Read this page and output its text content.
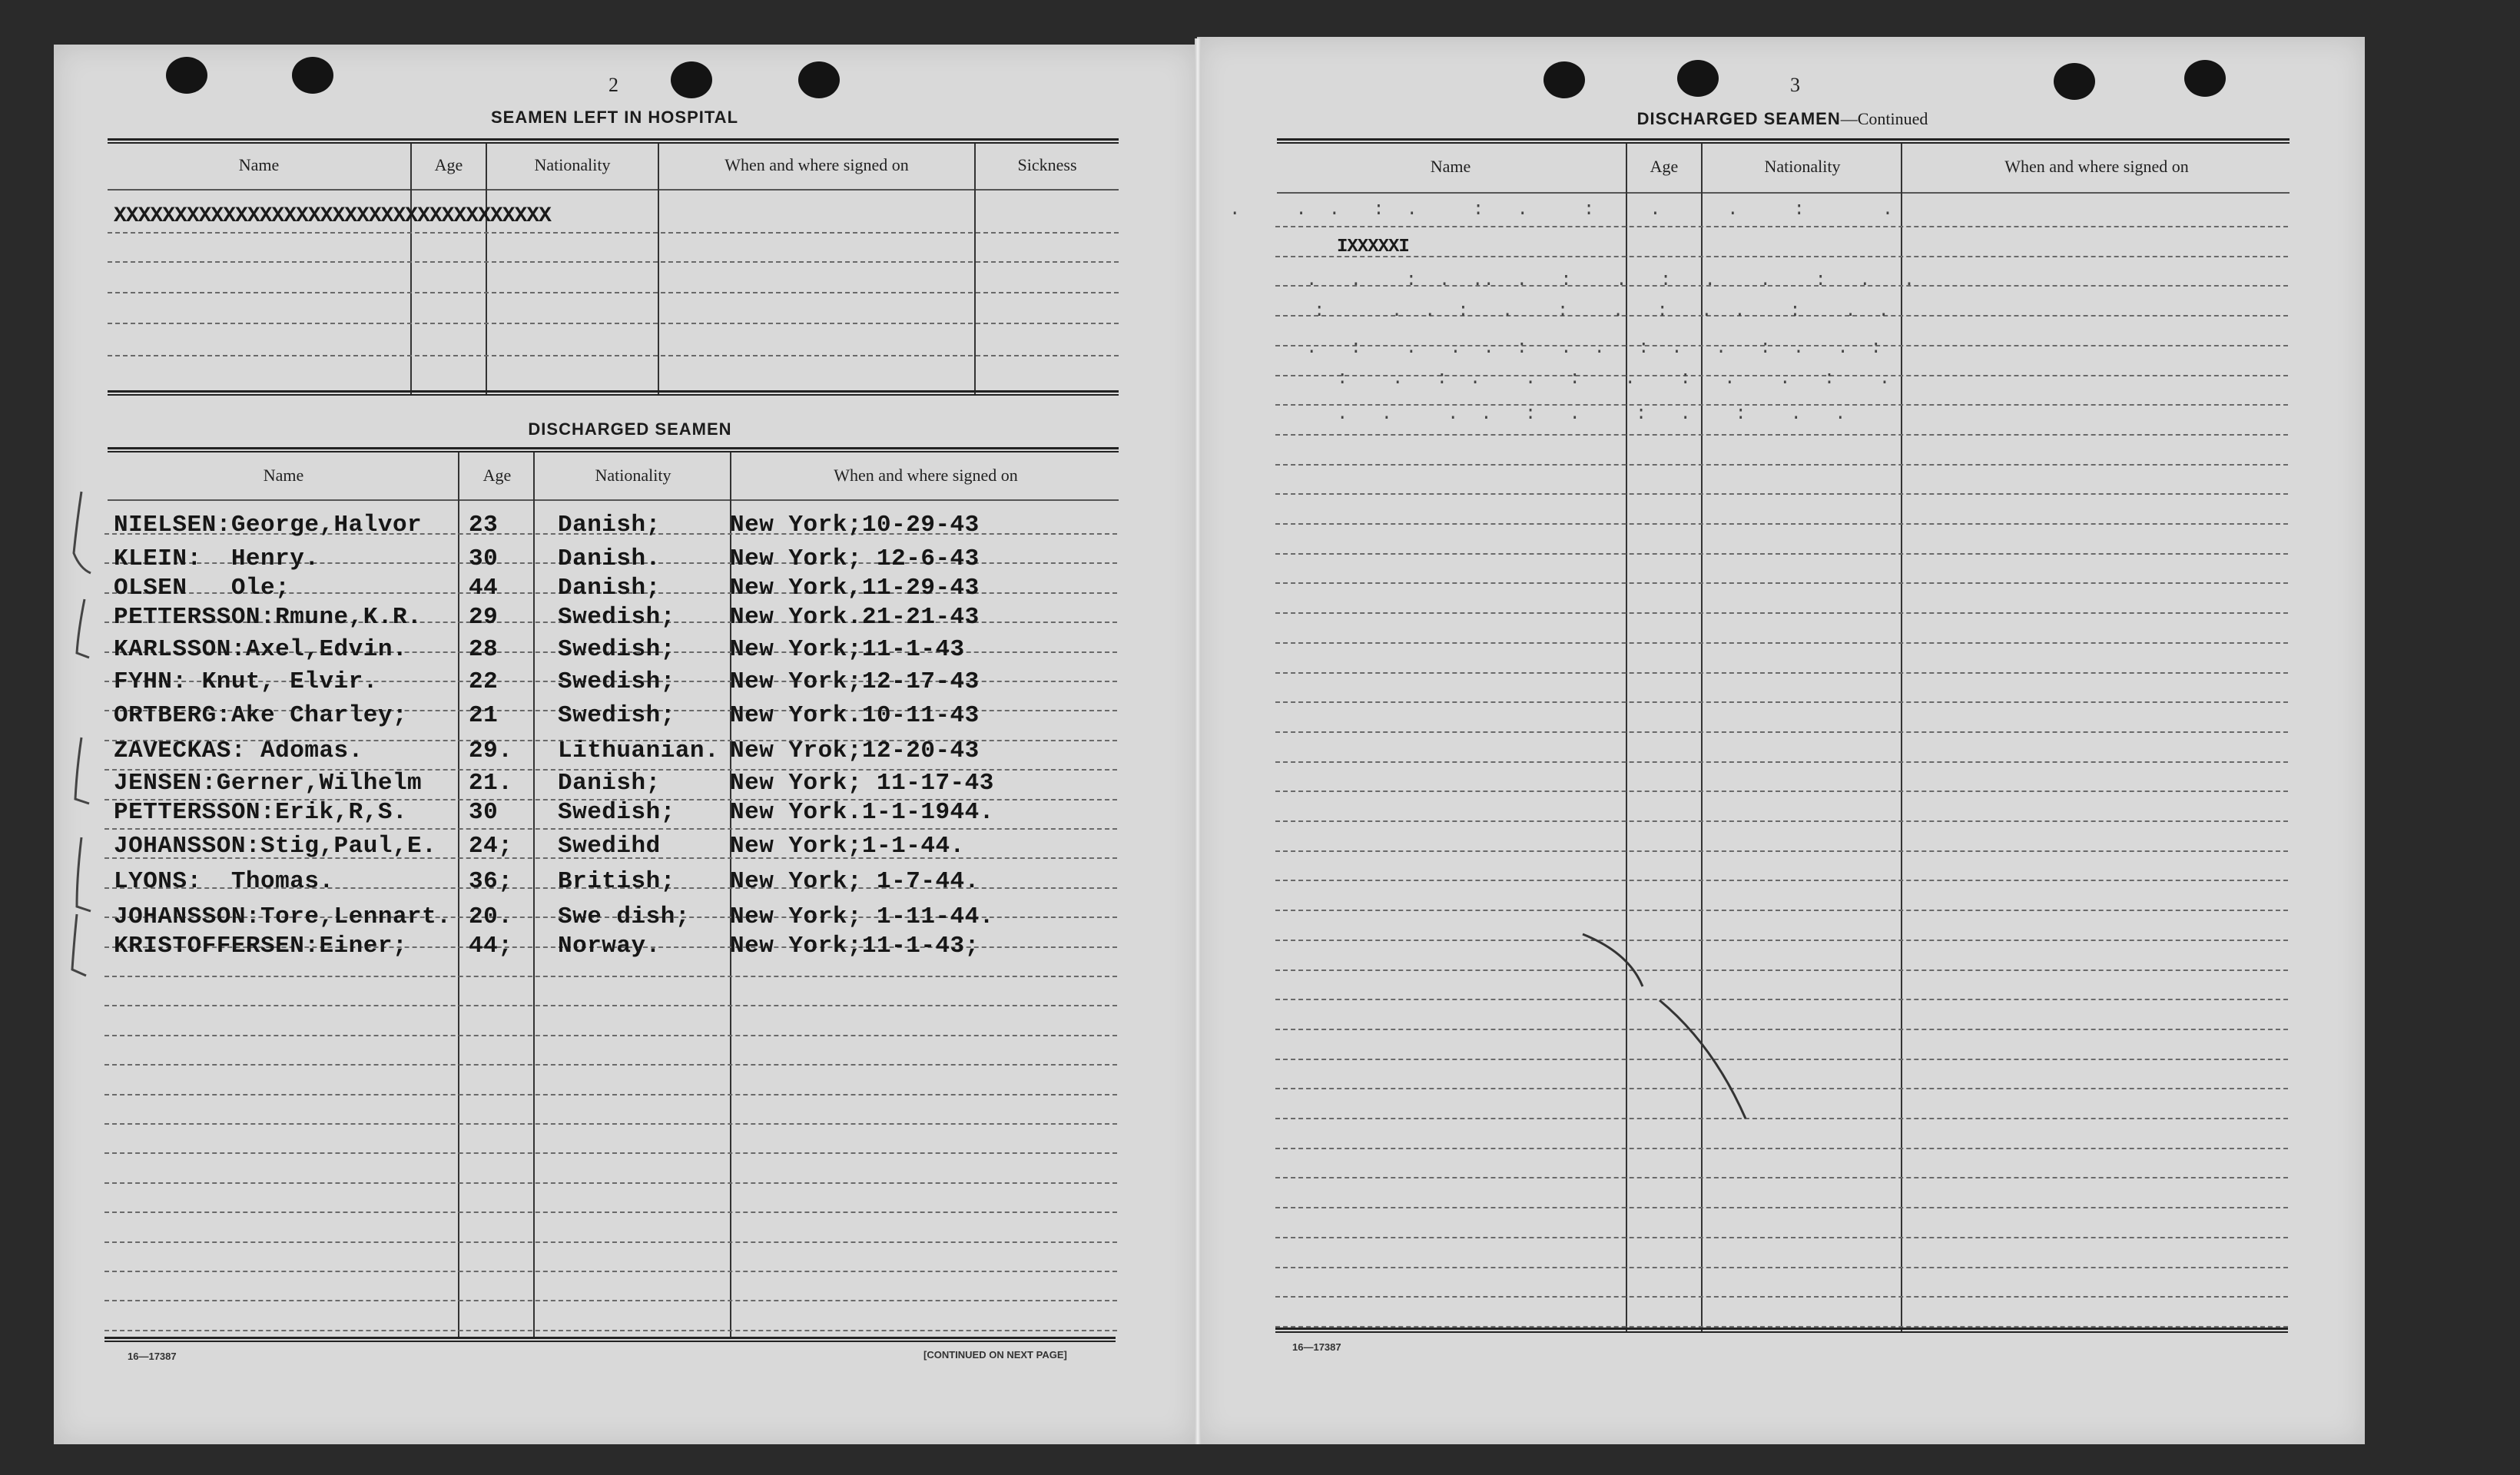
2
SEAMEN LEFT IN HOSPITAL
Name	Age	Nationality	When and where signed on	Sickness
XXXXXXXXXXXXXXXXXXXXXXXXXXXXXXXXXXXX
DISCHARGED SEAMEN
Name	Age	Nationality	When and where signed on
NIELSEN:George,Halvor 23	Danish;	New York;10-29-43
KLEIN:  Henry.	30	Danish.	New York; 12-6-43
OLSEN   Ole;	44	Danish;	New York,11-29-43
PETTERSSON:Rmune,K.R. 29	Swedish; New York.21-21-43
KARLSSON:Axel,Edvin.	28	Swedish; New York;11-1-43
FYHN: Knut, Elvir.	22	Swedish; New York;12-17-43
ORTBERG:Ake Charley;	21	Swedish; New York.10-11-43
ZAVECKAS: Adomas.	29. Lithuanian. New Yrok;12-20-43
JENSEN:Gerner,Wilhelm 21. Danish;	New York; 11-17-43
PETTERSSON:Erik,R,S.	30	Swedish; New York.1-1-1944.
JOHANSSON:Stig,Paul,E. 24; Swedihd	New York;1-1-44.
LYONS:  Thomas.	36; British; New York; 1-7-44.
JOHANSSON:Tore,Lennart. 20. Swe dish; New York; 1-11-44.
KRISTOFFERSEN:Einer;	44; Norway.	New York;11-1-43;
16—17387	[CONTINUED ON NEXT PAGE]
3
DISCHARGED SEAMEN—Continued
Name	Age	Nationality	When and where signed on
IXXXXXI
.     .  .   :  .     :   .     :     .      .     :       .
.   .    :  .  ..  .   :    .   :   .    .    :   .   .
:      .  .  :   .    :    .   :   .  .    :    .  .
.   :    .   .  .  :   .  .   :  .   .   :  .   .  :
:    .   :  .    .   :    .    :   .    .   :    .
.   .     .  .   :   .     :   .    :    .   .
16—17387
